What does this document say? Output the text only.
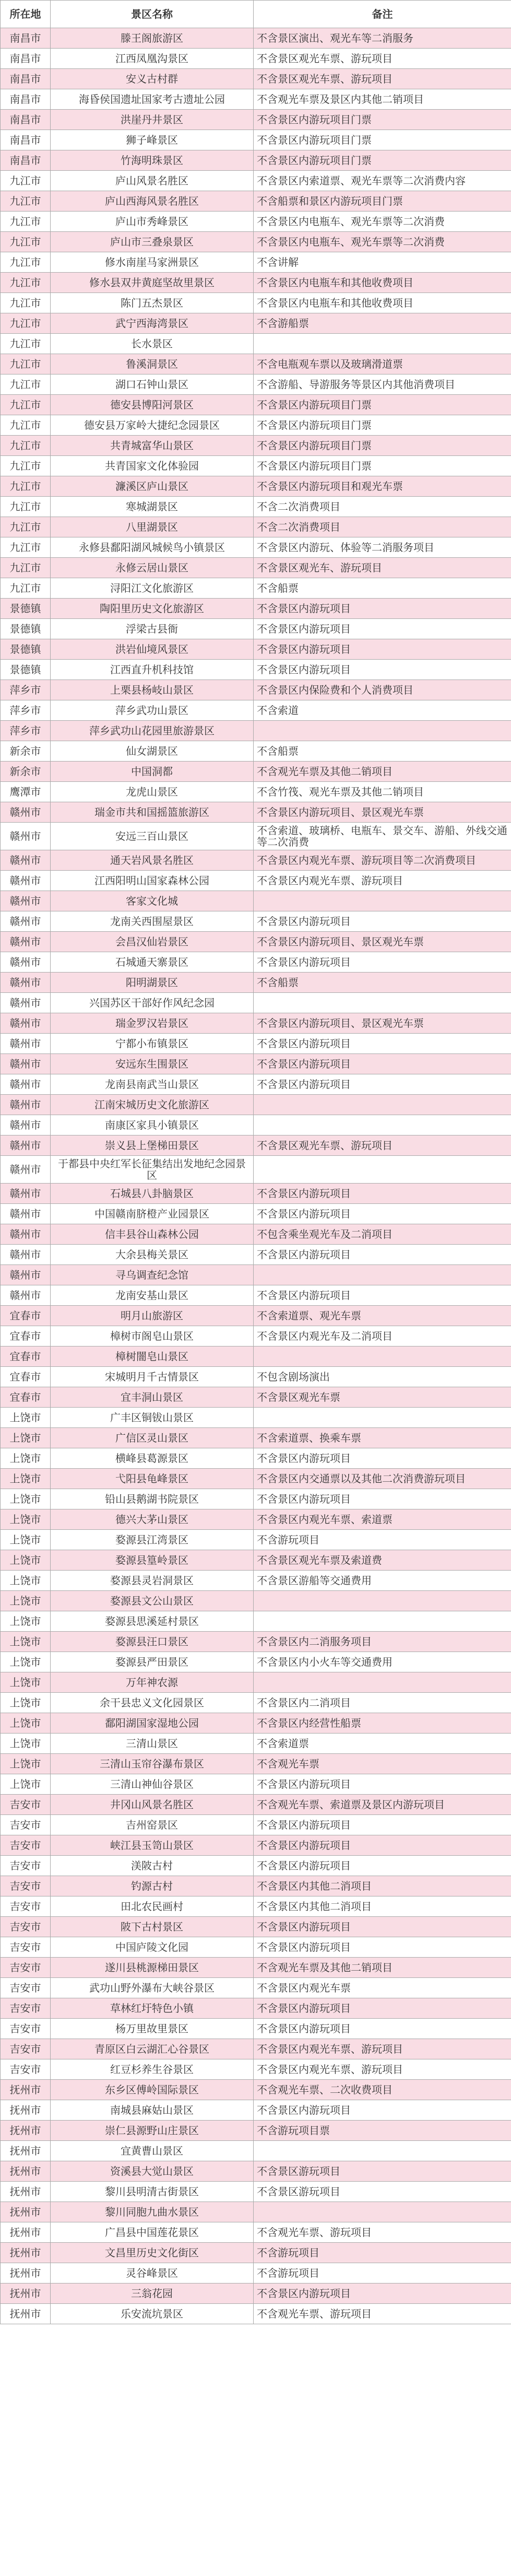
所在地	景区名称	备注
南昌市	滕王阁旅游区	不含景区演出、观光车等二消服务
南昌市	江西凤凰沟景区	不含景区观光车票、游玩项目
南昌市	安义古村群	不含景区观光车票、游玩项目
南昌市	海昏侯国遗址国家考古遗址公园	不含观光车票及景区内其他二销项目
南昌市	洪崖丹井景区	不含景区内游玩项目门票
南昌市	狮子峰景区	不含景区内游玩项目门票
南昌市	竹海明珠景区	不含景区内游玩项目门票
九江市	庐山风景名胜区	不含景区内索道票、观光车票等二次消费内容
九江市	庐山西海风景名胜区	不含船票和景区内游玩项目门票
九江市	庐山市秀峰景区	不含景区内电瓶车、观光车票等二次消费
九江市	庐山市三叠泉景区	不含景区内电瓶车、观光车票等二次消费
九江市	修水南崖马家洲景区	不含讲解
九江市	修水县双井黄庭坚故里景区	不含景区内电瓶车和其他收费项目
九江市	陈门五杰景区	不含景区内电瓶车和其他收费项目
九江市	武宁西海湾景区	不含游船票
九江市	长水景区	
九江市	鲁溪洞景区	不含电瓶观车票以及玻璃滑道票
九江市	湖口石钟山景区	不含游船、导游服务等景区内其他消费项目
九江市	德安县博阳河景区	不含景区内游玩项目门票
九江市	德安县万家岭大捷纪念园景区	不含景区内游玩项目门票
九江市	共青城富华山景区	不含景区内游玩项目门票
九江市	共青国家文化体验园	不含景区内游玩项目门票
九江市	濂溪区庐山景区	不含景区内游玩项目和观光车票
九江市	寒城湖景区	不含二次消费项目
九江市	八里湖景区	不含二次消费项目
九江市	永修县鄱阳湖风城候鸟小镇景区	不含景区内游玩、体验等二消服务项目
九江市	永修云居山景区	不含景区观光车、游玩项目
九江市	浔阳江文化旅游区	不含船票
景德镇	陶阳里历史文化旅游区	不含景区内游玩项目
景德镇	浮梁古县衙	不含景区内游玩项目
景德镇	洪岩仙境风景区	不含景区内游玩项目
景德镇	江西直升机科技馆	不含景区内游玩项目
萍乡市	上栗县杨岐山景区	不含景区内保险费和个人消费项目
萍乡市	萍乡武功山景区	不含索道
萍乡市	萍乡武功山花园里旅游景区	
新余市	仙女湖景区	不含船票
新余市	中国洞都	不含观光车票及其他二销项目
鹰潭市	龙虎山景区	不含竹筏、观光车票及其他二销项目
赣州市	瑞金市共和国摇篮旅游区	不含景区内游玩项目、景区观光车票
赣州市	安远三百山景区	不含索道、玻璃桥、电瓶车、景交车、游船、外线交通等二次消费
赣州市	通天岩风景名胜区	不含景区内观光车票、游玩项目等二次消费项目
赣州市	江西阳明山国家森林公园	不含景区内观光车票、游玩项目
赣州市	客家文化城	
赣州市	龙南关西围屋景区	不含景区内游玩项目
赣州市	会昌汉仙岩景区	不含景区内游玩项目、景区观光车票
赣州市	石城通天寨景区	不含景区内游玩项目
赣州市	阳明湖景区	不含船票
赣州市	兴国苏区干部好作风纪念园	
赣州市	瑞金罗汉岩景区	不含景区内游玩项目、景区观光车票
赣州市	宁都小布镇景区	不含景区内游玩项目
赣州市	安远东生围景区	不含景区内游玩项目
赣州市	龙南县南武当山景区	不含景区内游玩项目
赣州市	江南宋城历史文化旅游区	
赣州市	南康区家具小镇景区	
赣州市	崇义县上堡梯田景区	不含景区观光车票、游玩项目
赣州市	于都县中央红军长征集结出发地纪念园景区	
赣州市	石城县八卦脑景区	不含景区内游玩项目
赣州市	中国赣南脐橙产业园景区	不含景区内游玩项目
赣州市	信丰县谷山森林公园	不包含乘坐观光车及二消项目
赣州市	大余县梅关景区	不含景区内游玩项目
赣州市	寻乌调查纪念馆	
赣州市	龙南安基山景区	不含景区内游玩项目
宜春市	明月山旅游区	不含索道票、观光车票
宜春市	樟树市阁皂山景区	不含景区内观光车及二消项目
宜春市	樟树闇皂山景区	
宜春市	宋城明月千古情景区	不包含剧场演出
宜春市	宜丰洞山景区	不含景区观光车票
上饶市	广丰区铜钹山景区	
上饶市	广信区灵山景区	不含索道票、换乘车票
上饶市	横峰县葛源景区	不含景区内游玩项目
上饶市	弋阳县龟峰景区	不含景区内交通票以及其他二次消费游玩项目
上饶市	铅山县鹅湖书院景区	不含景区内游玩项目
上饶市	德兴大茅山景区	不含景区内观光车票、索道票
上饶市	婺源县江湾景区	不含游玩项目
上饶市	婺源县篁岭景区	不含景区观光车票及索道费
上饶市	婺源县灵岩洞景区	不含景区游船等交通费用
上饶市	婺源县文公山景区	
上饶市	婺源县思溪延村景区	
上饶市	婺源县汪口景区	不含景区内二消服务项目
上饶市	婺源县严田景区	不含景区内小火车等交通费用
上饶市	万年神农源	
上饶市	余干县忠义文化园景区	不含景区内二消项目
上饶市	鄱阳湖国家湿地公园	不含景区内经营性船票
上饶市	三清山景区	不含索道票
上饶市	三清山玉帘谷瀑布景区	不含观光车票
上饶市	三清山神仙谷景区	不含景区内游玩项目
吉安市	井冈山风景名胜区	不含观光车票、索道票及景区内游玩项目
吉安市	吉州窑景区	不含景区内游玩项目
吉安市	峡江县玉笥山景区	不含景区内游玩项目
吉安市	渼陂古村	不含景区内游玩项目
吉安市	钓源古村	不含景区内其他二消项目
吉安市	田北农民画村	不含景区内其他二消项目
吉安市	陂下古村景区	不含景区内游玩项目
吉安市	中国庐陵文化园	不含景区内游玩项目
吉安市	遂川县桃源梯田景区	不含观光车票及其他二销项目
吉安市	武功山野外瀑布大峡谷景区	不含景区内观光车票
吉安市	草林红圩特色小镇	不含景区内游玩项目
吉安市	杨万里故里景区	不含景区内游玩项目
吉安市	青原区白云湖汇心谷景区	不含景区内观光车票、游玩项目
吉安市	红豆杉养生谷景区	不含景区内观光车票、游玩项目
抚州市	东乡区傅岭国际景区	不含观光车票、二次收费项目
抚州市	南城县麻姑山景区	不含景区内游玩项目
抚州市	崇仁县源野山庄景区	不含游玩项目票
抚州市	宜黄曹山景区	
抚州市	资溪县大觉山景区	不含景区游玩项目
抚州市	黎川县明清古街景区	不含景区游玩项目
抚州市	黎川同胞九曲水景区	
抚州市	广昌县中国莲花景区	不含观光车票、游玩项目
抚州市	文昌里历史文化街区	不含游玩项目
抚州市	灵谷峰景区	不含游玩项目
抚州市	三翁花园	不含景区内游玩项目
抚州市	乐安流坑景区	不含观光车票、游玩项目
